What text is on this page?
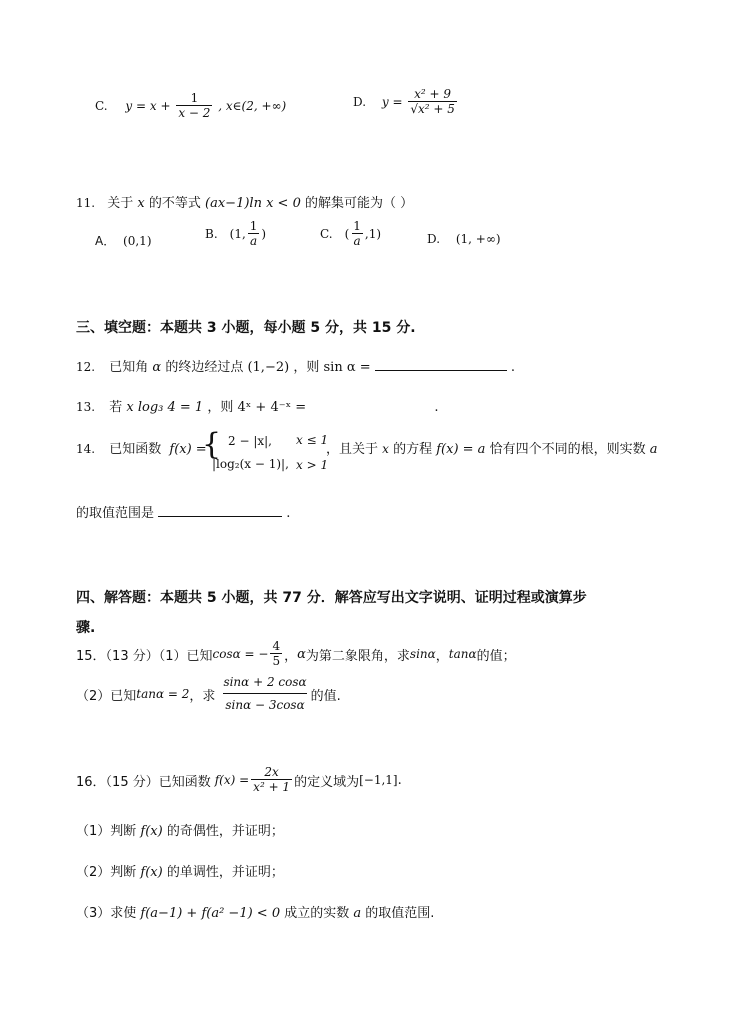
C. $y = x + \frac{1}{x - 2}$ , x∈(2, +∞)	D. $y = \frac{\text{x² + 9}}{\text{√x² + 5}}$
11. 关于 x 的不等式 (ax−1)ln x < 0 的解集可能为（ ）
A． (0,1)	B. (1, $\frac{1}{a}$ )	C. ( $\frac{1}{a} ,1$)	D. (1, +∞)
三、填空题：本题共 3 小题，每小题 5 分，共 15 分.
12. 已知角 α 的终边经过点 (1,−2) ，则 sin α =	.
13. 若 x log₃ 4 = 1 ，则 4ˣ + 4⁻ˣ =	.
14. 已知函数 f(x) =
{ 2 − |x|, x ≤ 1
|log₂(x − 1)|, x > 1
，且关于 x 的方程 f(x) = a 恰有四个不同的根，则实数 a
的取值范围是	.
四、解答题：本题共 5 小题，共 77 分．解答应写出文字说明、证明过程或演算步
骤.
15．（13 分）（1）已知 cosα = − $\frac{4}{5}$ ， α 为第二象限角，求 sinα ， tanα 的值；
（2）已知 tanα = 2 ，求 $\frac{\sin\alpha + 2 \cos\alpha}{\sin\alpha - 3\cos\alpha}$ 的值.
16．（15 分）已知函数 $f(x) = \frac{2x}{\text{x² + 1}}$ 的定义域为 [−1,1] .
（1）判断 f(x) 的奇偶性，并证明；
（2）判断 f(x) 的单调性，并证明；
（3）求使 f(a−1) + f(a² −1) < 0 成立的实数 a 的取值范围.
